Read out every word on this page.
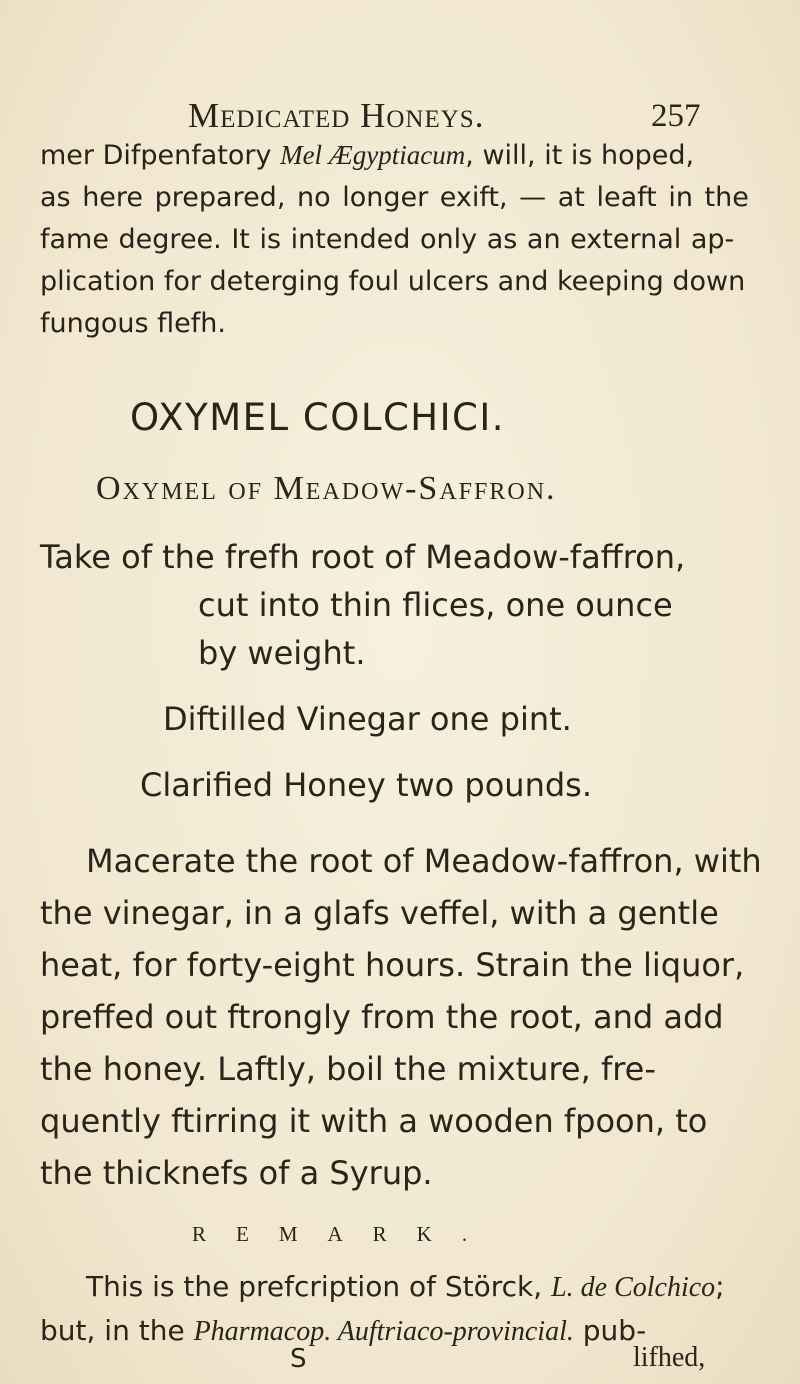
Medicated Honeys.	257
mer Difpenfatory Mel Ægyptiacum, will, it is hoped,
as here prepared, no longer exift, — at leaft in the
fame degree. It is intended only as an external ap-
plication for deterging foul ulcers and keeping down
fungous flefh.
OXYMEL COLCHICI.
Oxymel of Meadow-Saffron.
Take of the frefh root of Meadow-faffron,
cut into thin flices, one ounce
by weight.
Diftilled Vinegar one pint.
Clarified Honey two pounds.
Macerate the root of Meadow-faffron, with
the vinegar, in a glafs veffel, with a gentle
heat, for forty-eight hours. Strain the liquor,
preffed out ftrongly from the root, and add
the honey. Laftly, boil the mixture, fre-
quently ftirring it with a wooden fpoon, to
the thicknefs of a Syrup.
REMARK.
This is the prefcription of Störck, L. de Colchico;
but, in the Pharmacop. Auftriaco-provincial. pub-
S	lifhed,
